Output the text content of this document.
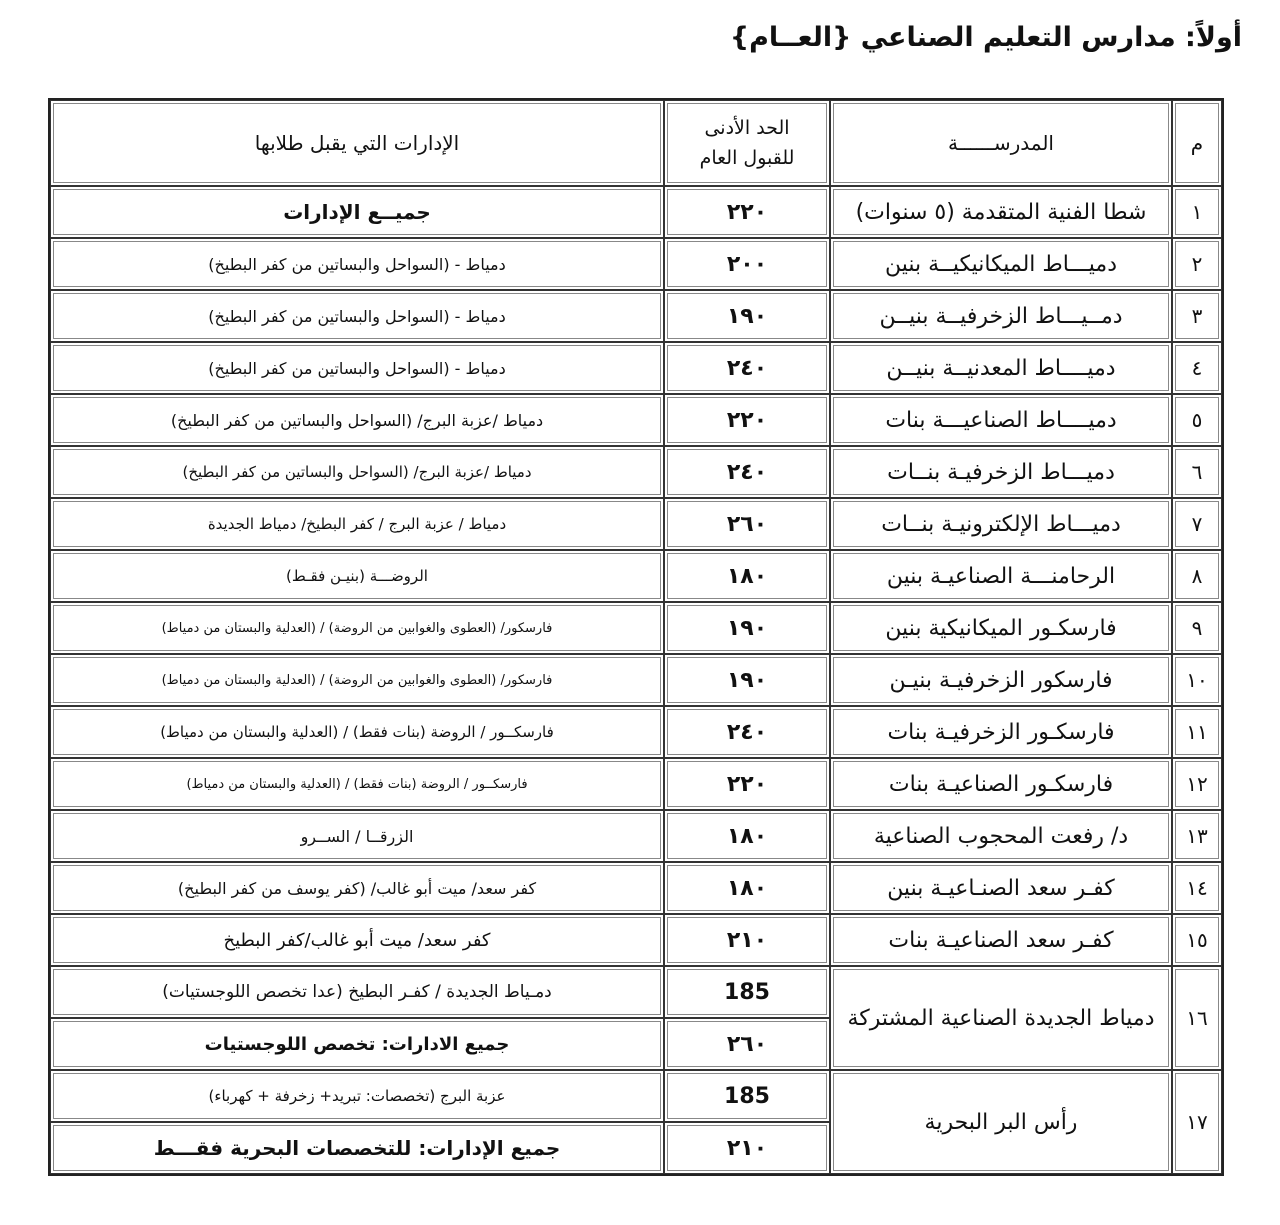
أولاً: مدارس التعليم الصناعي {العــام}
م	المدرســــــة	الحد الأدنى
للقبول العام	الإدارات التي يقبل طلابها
١	شطا الفنية المتقدمة (٥ سنوات)	٢٢٠	جميــع الإدارات
٢	دميـــاط الميكانيكيــة بنين	٢٠٠	دمياط - (السواحل والبساتين من كفر البطيخ)
٣	دمــيـــاط الزخرفيــة بنيــن	١٩٠	دمياط - (السواحل والبساتين من كفر البطيخ)
٤	دميــــاط المعدنيــة بنيــن	٢٤٠	دمياط - (السواحل والبساتين من كفر البطيخ)
٥	دميــــاط الصناعيـــة بنات	٢٢٠	دمياط /عزبة البرج/ (السواحل والبساتين من كفر البطيخ)
٦	دميـــاط الزخرفيـة بنــات	٢٤٠	دمياط /عزبة البرج/ (السواحل والبساتين من كفر البطيخ)
٧	دميـــاط الإلكترونيـة بنــات	٢٦٠	دمياط / عزبة البرج / كفر البطيخ/ دمياط الجديدة
٨	الرحامنـــة الصناعيـة بنين	١٨٠	الروضـــة (بنيـن فقـط)
٩	فارسكـور الميكانيكية بنين	١٩٠	فارسكور/ (العطوى والغوابين من الروضة) / (العدلية والبستان من دمياط)
١٠	فارسكور الزخرفيـة بنيـن	١٩٠	فارسكور/ (العطوى والغوابين من الروضة) / (العدلية والبستان من دمياط)
١١	فارسكـور الزخرفيـة بنات	٢٤٠	فارسكــور / الروضة (بنات فقط) / (العدلية والبستان من دمياط)
١٢	فارسكـور الصناعيـة بنات	٢٢٠	فارسكــور / الروضة (بنات فقط) / (العدلية والبستان من دمياط)
١٣	د/ رفعت المحجوب الصناعية	١٨٠	الزرقــا / الســرو
١٤	كفـر سعد الصنـاعيـة بنين	١٨٠	كفر سعد/ ميت أبو غالب/ (كفر يوسف من كفر البطيخ)
١٥	كفـر سعد الصناعيـة بنات	٢١٠	كفر سعد/ ميت أبو غالب/كفر البطيخ
١٦	دمياط الجديدة الصناعية المشتركة	185	دمـياط الجديدة / كفـر البطيخ (عدا تخصص اللوجستيات)
		٢٦٠	جميع الادارات: تخصص اللوجستيات
١٧	رأس البر البحرية	185	عزبة البرج (تخصصات: تبريد+ زخرفة + كهرباء)
		٢١٠	جميع الإدارات: للتخصصات البحرية فقـــط
